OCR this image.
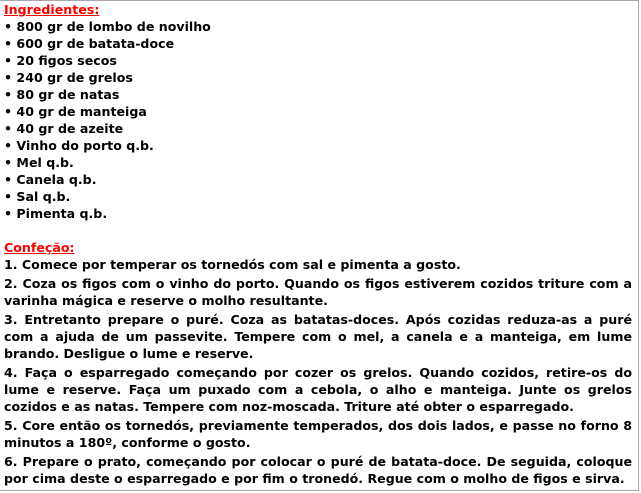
Ingredientes:
• 800 gr de lombo de novilho
• 600 gr de batata-doce
• 20 figos secos
• 240 gr de grelos
• 80 gr de natas
• 40 gr de manteiga
• 40 gr de azeite
• Vinho do porto q.b.
• Mel q.b.
• Canela q.b.
• Sal q.b.
• Pimenta q.b.
Confeção:

1. Comece por temperar os tornedós com sal e pimenta a gosto.

2. Coza os figos com o vinho do porto. Quando os figos estiverem cozidos triture com a varinha mágica e reserve o molho resultante.

3. Entretanto prepare o puré. Coza as batatas-doces. Após cozidas reduza-as a puré com a ajuda de um passevite. Tempere com o mel, a canela e a manteiga, em lume brando. Desligue o lume e reserve.

4. Faça o esparregado começando por cozer os grelos. Quando cozidos, retire-os do lume e reserve. Faça um puxado com a cebola, o alho e manteiga. Junte os grelos cozidos e as natas. Tempere com noz-moscada. Triture até obter o esparregado.

5. Core então os tornedós, previamente temperados, dos dois lados, e passe no forno 8 minutos a 180º, conforme o gosto.

6. Prepare o prato, começando por colocar o puré de batata-doce. De seguida, coloque por cima deste o esparregado e por fim o tronedó. Regue com o molho de figos e sirva.
